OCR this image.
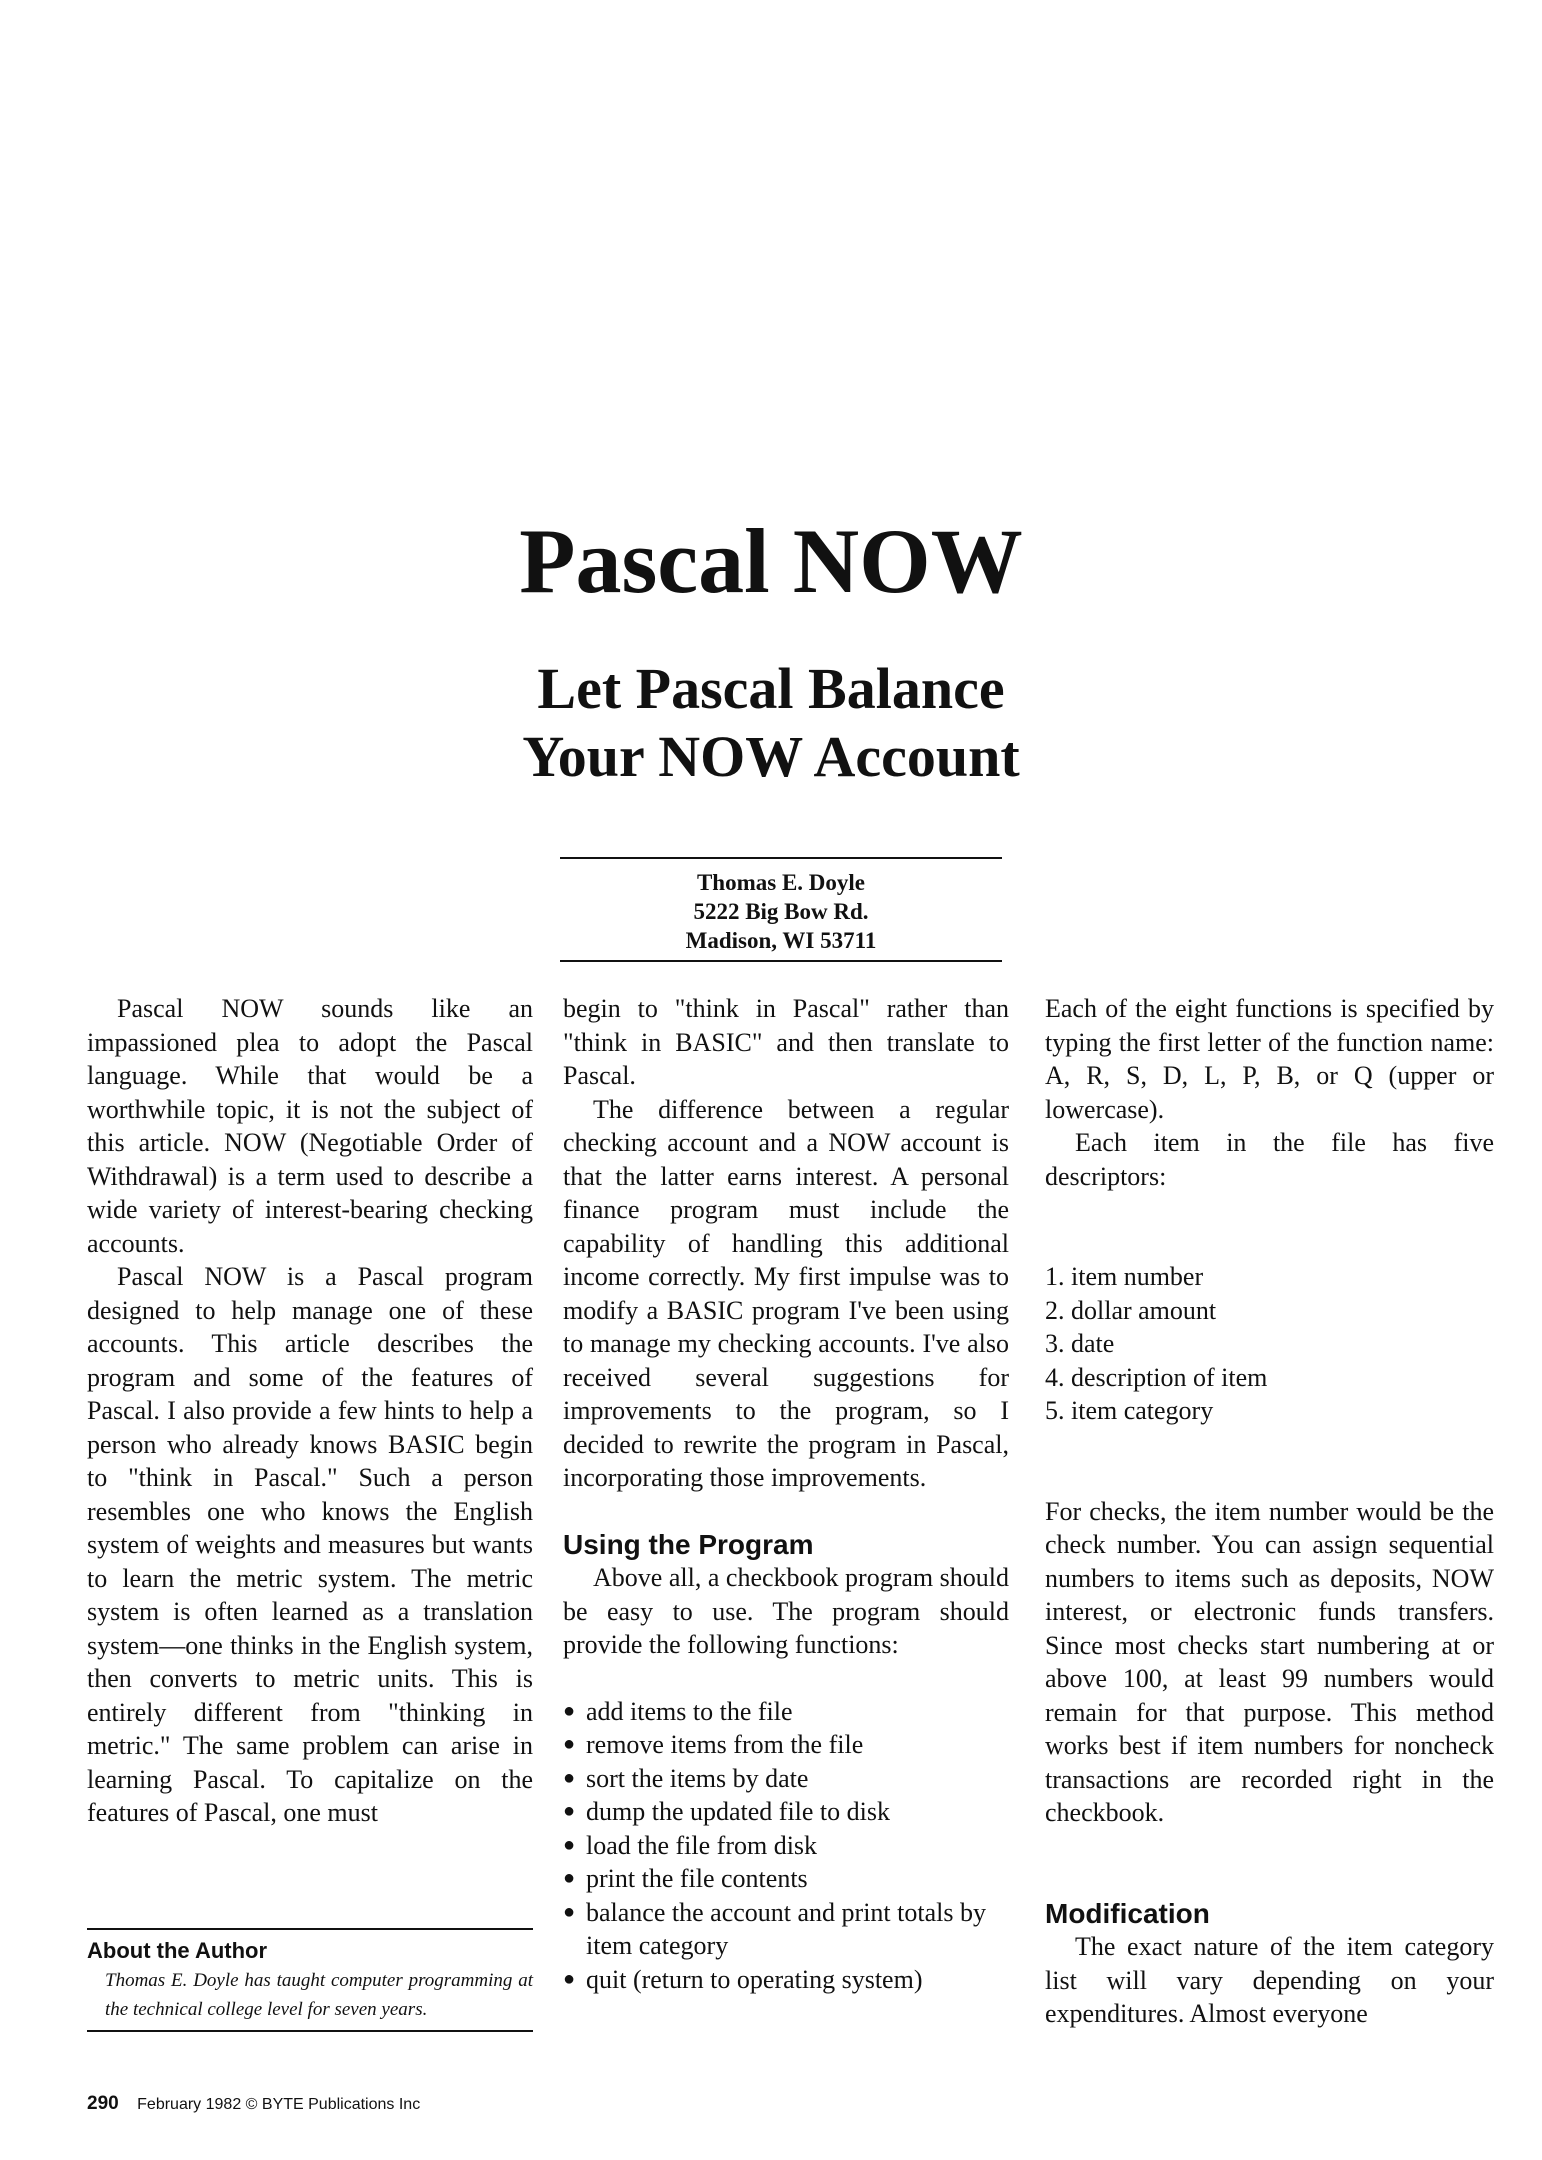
Pascal NOW
Let Pascal Balance
Your NOW Account
Thomas E. Doyle
5222 Big Bow Rd.
Madison, WI 53711

Pascal NOW sounds like an impassioned plea to adopt the Pascal language. While that would be a worthwhile topic, it is not the subject of this article. NOW (Negotiable Order of Withdrawal) is a term used to describe a wide variety of interest-bearing checking accounts.

Pascal NOW is a Pascal program designed to help manage one of these accounts. This article describes the program and some of the features of Pascal. I also provide a few hints to help a person who already knows BASIC begin to "think in Pascal." Such a person resembles one who knows the English system of weights and measures but wants to learn the metric system. The metric system is often learned as a translation system—one thinks in the English system, then converts to metric units. This is entirely different from "thinking in metric." The same problem can arise in learning Pascal. To capitalize on the features of Pascal, one must

About the Author
Thomas E. Doyle has taught computer programming at the technical college level for seven years.

begin to "think in Pascal" rather than "think in BASIC" and then translate to Pascal.

The difference between a regular checking account and a NOW account is that the latter earns interest. A personal finance program must include the capability of handling this additional income correctly. My first impulse was to modify a BASIC program I've been using to manage my checking accounts. I've also received several suggestions for improvements to the program, so I decided to rewrite the program in Pascal, incorporating those improvements.

Using the Program

Above all, a checkbook program should be easy to use. The program should provide the following functions:

● add items to the file
● remove items from the file
● sort the items by date
● dump the updated file to disk
● load the file from disk
● print the file contents
● balance the account and print totals by item category
● quit (return to operating system)

Each of the eight functions is specified by typing the first letter of the function name: A, R, S, D, L, P, B, or Q (upper or lowercase).

Each item in the file has five descriptors:

1. item number
2. dollar amount
3. date
4. description of item
5. item category

For checks, the item number would be the check number. You can assign sequential numbers to items such as deposits, NOW interest, or electronic funds transfers. Since most checks start numbering at or above 100, at least 99 numbers would remain for that purpose. This method works best if item numbers for noncheck transactions are recorded right in the checkbook.

Modification

The exact nature of the item category list will vary depending on your expenditures. Almost everyone

290 February 1982 © BYTE Publications Inc
